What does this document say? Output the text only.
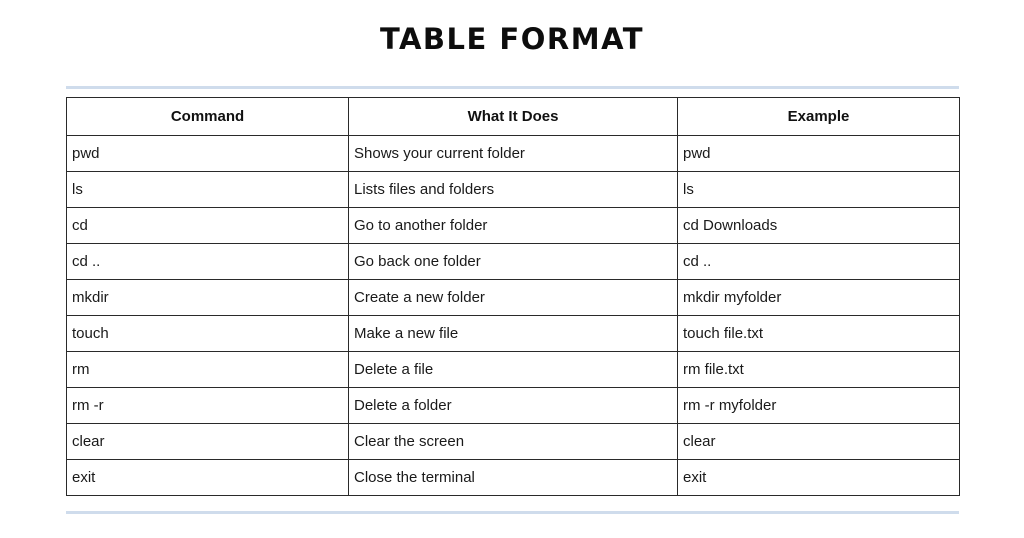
TABLE FORMAT
Command	What It Does	Example
pwd	Shows your current folder	pwd
ls	Lists files and folders	ls
cd	Go to another folder	cd Downloads
cd ..	Go back one folder	cd ..
mkdir	Create a new folder	mkdir myfolder
touch	Make a new file	touch file.txt
rm	Delete a file	rm file.txt
rm -r	Delete a folder	rm -r myfolder
clear	Clear the screen	clear
exit	Close the terminal	exit
